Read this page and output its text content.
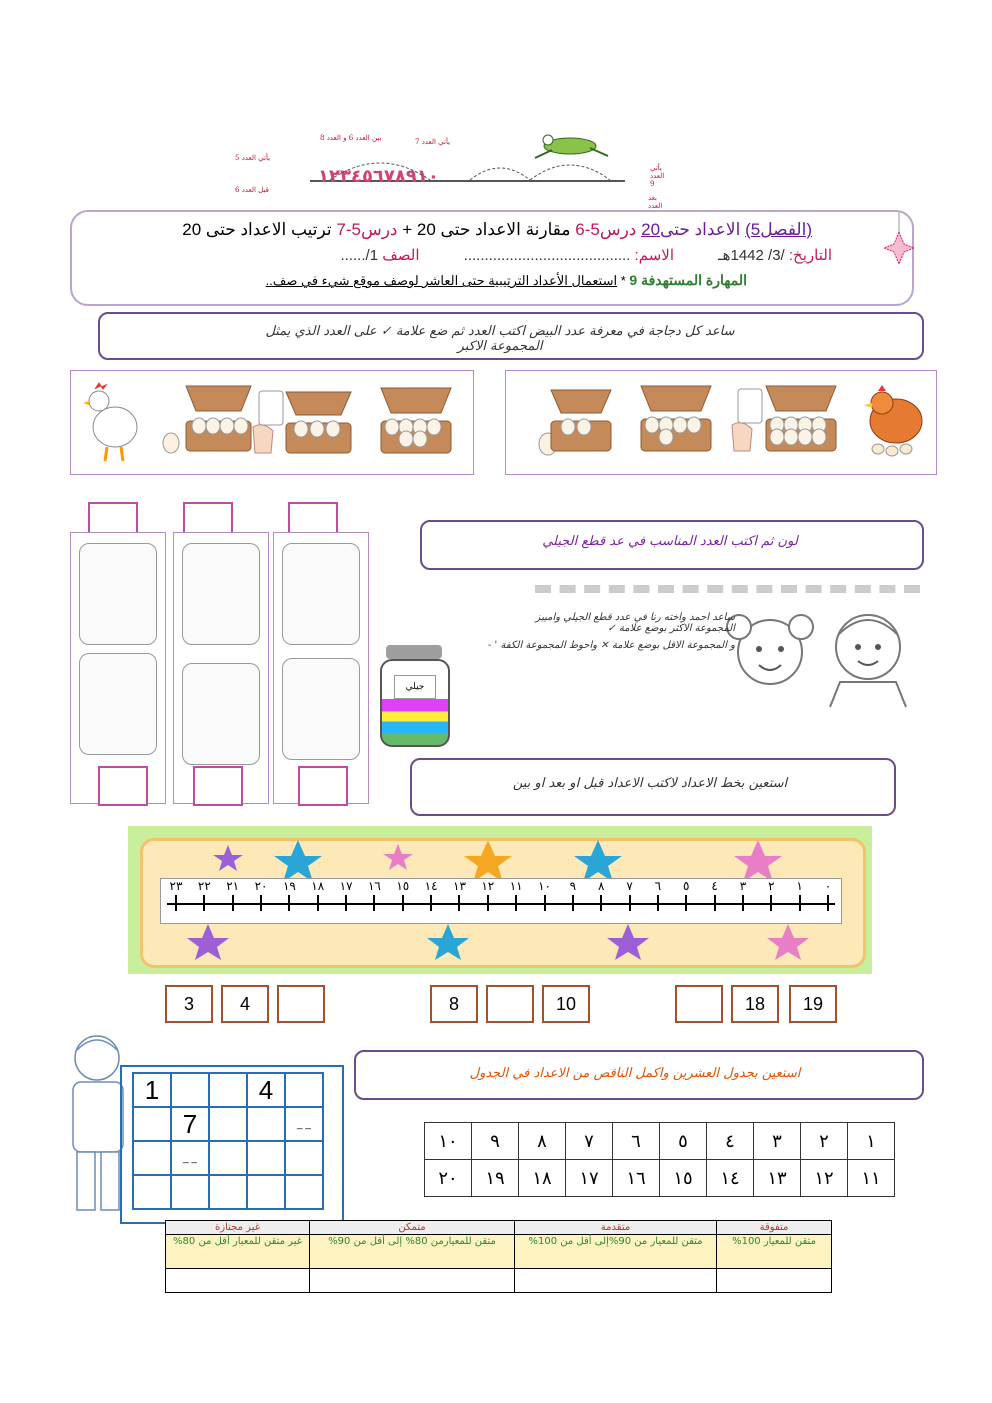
بين العدد 6 و العدد 8	يأتي العدد 7
يأتي العدد 5
قبل العدد 6
يأتي العدد 9
بعد العدد
١٢٣٤٥٦٧٨٩١٠
(الفصل5) الاعداد حتى20 درس5-6 مقارنة الاعداد حتى 20 + درس5-7 ترتيب الاعداد حتى 20
التاريخ: /3/ 1442هـ الاسم: ........................................ الصف 1/......
المهارة المستهدفة 9 * استعمال الأعداد الترتيبية حتى العاشر لوصف موقع شيء في صف..
ساعد كل دجاجة في معرفة عدد البيض اكتب العدد ثم ضع علامة ✓ على العدد الذي يمثل المجموعة الاكبر
لون ثم اكتب العدد المناسب في عد قطع الجيلي
ساعد احمد واخته رنا في عدد قطع الجيلي وامييز المجموعة الاكثر بوضع علامة ✓
و المجموعة الاقل بوضع علامة ✕ واحوط المجموعة الكفة ' -
جيلي
استعين بخط الاعداد لاكتب الاعداد قبل او بعد او بين
٠
١
٢
٣
٤
٥
٦
٧
٨
٩
١٠
١١
١٢
١٣
١٤
١٥
١٦
١٧
١٨
١٩
٢٠
٢١
٢٢
٢٣
3	4	8	10	18	19
1			4	
	7			_ _
	_ _			

استعين بجدول العشرين واكمل الناقص من الاعداد في الجدول
١	٢	٣	٤	٥	٦	٧	٨	٩	١٠
١١	١٢	١٣	١٤	١٥	١٦	١٧	١٨	١٩	٢٠
متفوقة	متقدمة	متمكن	غير مجتازة
متقن للمعيار 100%	متقن للمعيار من 90%إلى أقل من 100%	متقن للمعيارمن 80% إلى أقل من 90%	غير متقن للمعيار أقل من 80%
